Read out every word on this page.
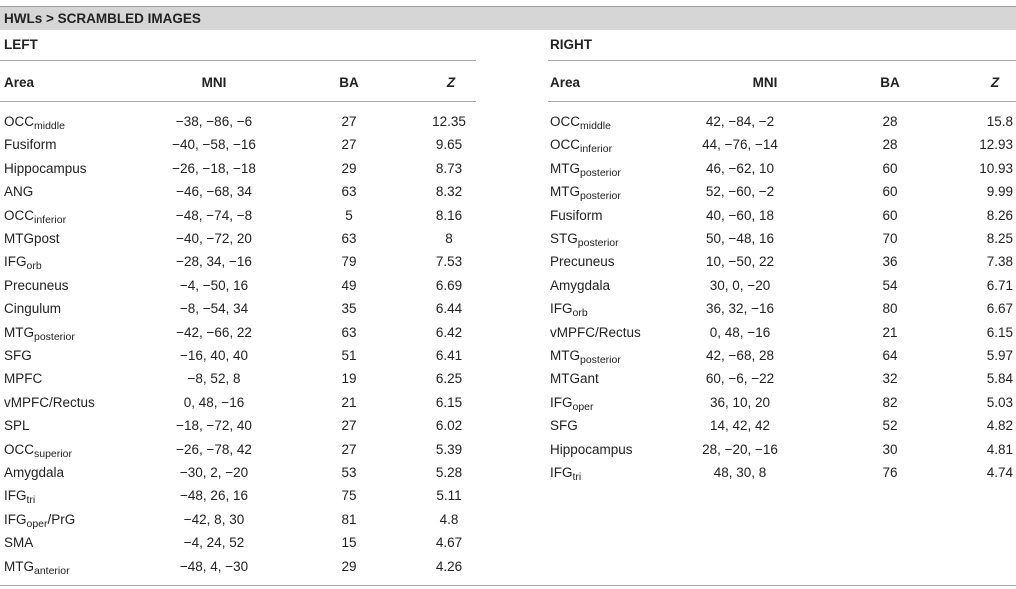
HWLs > SCRAMBLED IMAGES
LEFT	RIGHT
Area	MNI	BA	Z	Area	MNI	BA	Z
$OCC_{middle}$	−38, −86, −6	27	12.35
Fusiform	−40, −58, −16	27	9.65
Hippocampus	−26, −18, −18	29	8.73
ANG	−46, −68, 34	63	8.32
$OCC_{inferior}$	−48, −74, −8	5	8.16
MTGpost	−40, −72, 20	63	8
$IFG_{orb}$	−28, 34, −16	79	7.53
Precuneus	−4, −50, 16	49	6.69
Cingulum	−8, −54, 34	35	6.44
$MTG_{posterior}$	−42, −66, 22	63	6.42
SFG	−16, 40, 40	51	6.41
MPFC	−8, 52, 8	19	6.25
vMPFC/Rectus	0, 48, −16	21	6.15
SPL	−18, −72, 40	27	6.02
$OCC_{superior}$	−26, −78, 42	27	5.39
Amygdala	−30, 2, −20	53	5.28
$IFG_{tri}$	−48, 26, 16	75	5.11
$IFG_{oper}$/PrG	−42, 8, 30	81	4.8
SMA	−4, 24, 52	15	4.67
$MTG_{anterior}$	−48, 4, −30	29	4.26
$OCC_{middle}$	42, −84, −2	28	15.8
$OCC_{inferior}$	44, −76, −14	28	12.93
$MTG_{posterior}$	46, −62, 10	60	10.93
$MTG_{posterior}$	52, −60, −2	60	9.99
Fusiform	40, −60, 18	60	8.26
$STG_{posterior}$	50, −48, 16	70	8.25
Precuneus	10, −50, 22	36	7.38
Amygdala	30, 0, −20	54	6.71
$IFG_{orb}$	36, 32, −16	80	6.67
vMPFC/Rectus	0, 48, −16	21	6.15
$MTG_{posterior}$	42, −68, 28	64	5.97
MTGant	60, −6, −22	32	5.84
$IFG_{oper}$	36, 10, 20	82	5.03
SFG	14, 42, 42	52	4.82
Hippocampus	28, −20, −16	30	4.81
$IFG_{tri}$	48, 30, 8	76	4.74
